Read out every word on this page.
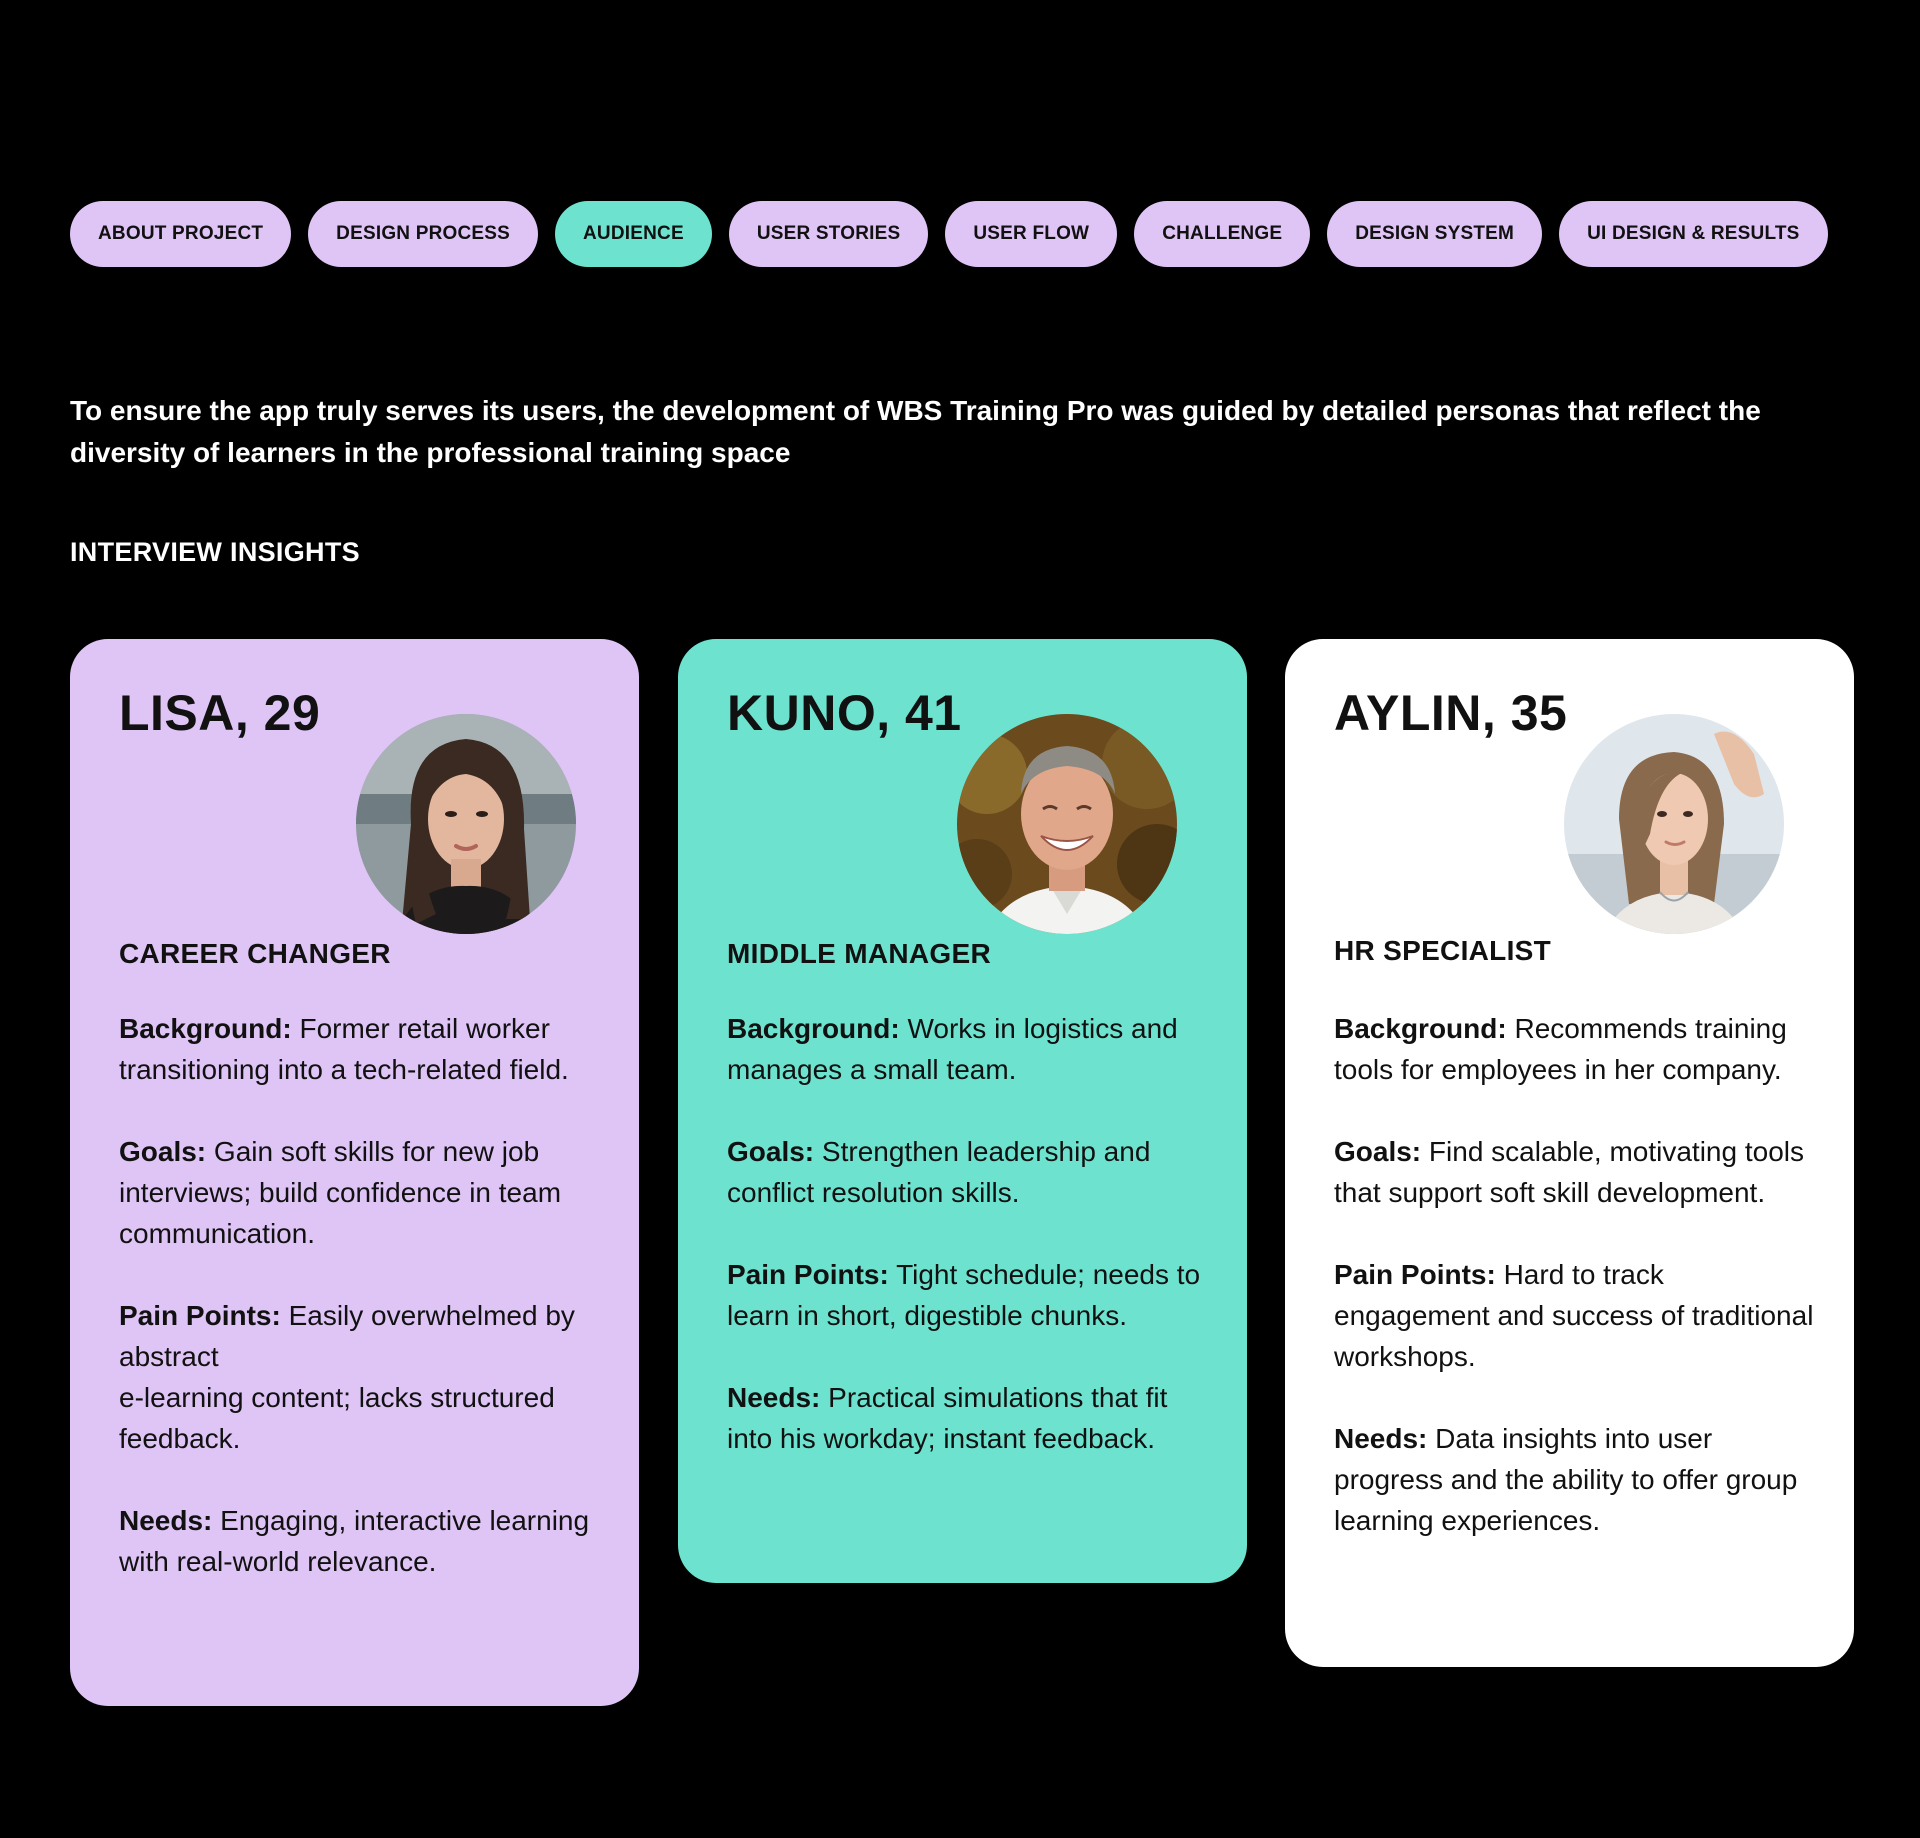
ABOUT PROJECT	DESIGN PROCESS	AUDIENCE	USER STORIES	USER FLOW	CHALLENGE	DESIGN SYSTEM	UI DESIGN & RESULTS

To ensure the app truly serves its users, the development of WBS Training Pro was guided by detailed personas that reflect the diversity of learners in the professional training space

INTERVIEW INSIGHTS
LISA, 29
CAREER CHANGER

Background: Former retail worker transitioning into a tech-related field.

Goals: Gain soft skills for new job interviews; build confidence in team communication.

Pain Points: Easily overwhelmed by abstract
e-learning content; lacks structured feedback.

Needs: Engaging, interactive learning with real-world relevance.

KUNO, 41
MIDDLE MANAGER

Background: Works in logistics and manages a small team.

Goals: Strengthen leadership and conflict resolution skills.

Pain Points: Tight schedule; needs to learn in short, digestible chunks.

Needs: Practical simulations that fit into his workday; instant feedback.

AYLIN, 35
HR SPECIALIST

Background: Recommends training tools for employees in her company.

Goals: Find scalable, motivating tools that support soft skill development.

Pain Points: Hard to track engagement and success of traditional workshops.

Needs: Data insights into user progress and the ability to offer group learning experiences.
